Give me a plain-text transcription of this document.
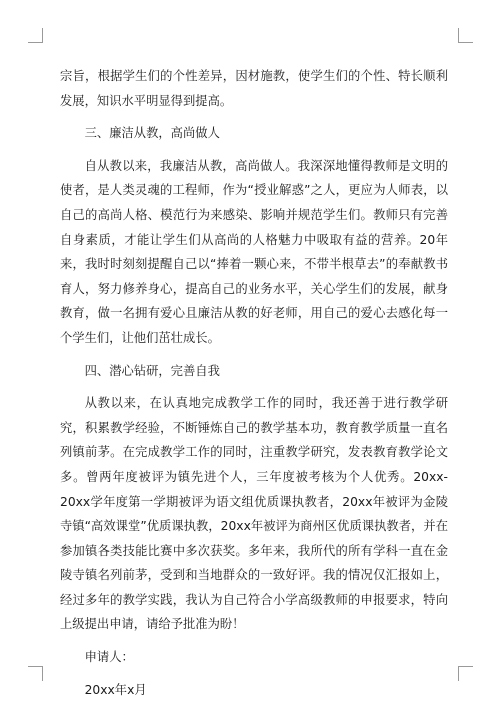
宗旨，根据学生们的个性差异，因材施教，使学生们的个性、特长顺利发展，知识水平明显得到提高。

三、廉洁从教，高尚做人

自从教以来，我廉洁从教，高尚做人。我深深地懂得教师是文明的使者，是人类灵魂的工程师，作为“授业解惑”之人，更应为人师表，以自己的高尚人格、模范行为来感染、影响并规范学生们。教师只有完善自身素质，才能让学生们从高尚的人格魅力中吸取有益的营养。20年来，我时时刻刻提醒自己以“捧着一颗心来，不带半根草去”的奉献教书育人，努力修养身心，提高自己的业务水平，关心学生们的发展，献身教育，做一名拥有爱心且廉洁从教的好老师，用自己的爱心去感化每一个学生们，让他们茁壮成长。

四、潜心钻研，完善自我

从教以来，在认真地完成教学工作的同时，我还善于进行教学研究，积累教学经验，不断锤炼自己的教学基本功，教育教学质量一直名列镇前茅。在完成教学工作的同时，注重教学研究，发表教育教学论文多。曾两年度被评为镇先进个人，三年度被考核为个人优秀。20xx-20xx学年度第一学期被评为语文组优质课执教者，20xx年被评为金陵寺镇“高效课堂”优质课执教，20xx年被评为商州区优质课执教者，并在参加镇各类技能比赛中多次获奖。多年来，我所代的所有学科一直在金陵寺镇名列前茅，受到和当地群众的一致好评。我的情况仅汇报如上，经过多年的教学实践，我认为自己符合小学高级教师的申报要求，特向上级提出申请，请给予批准为盼！

申请人：

20xx年x月
